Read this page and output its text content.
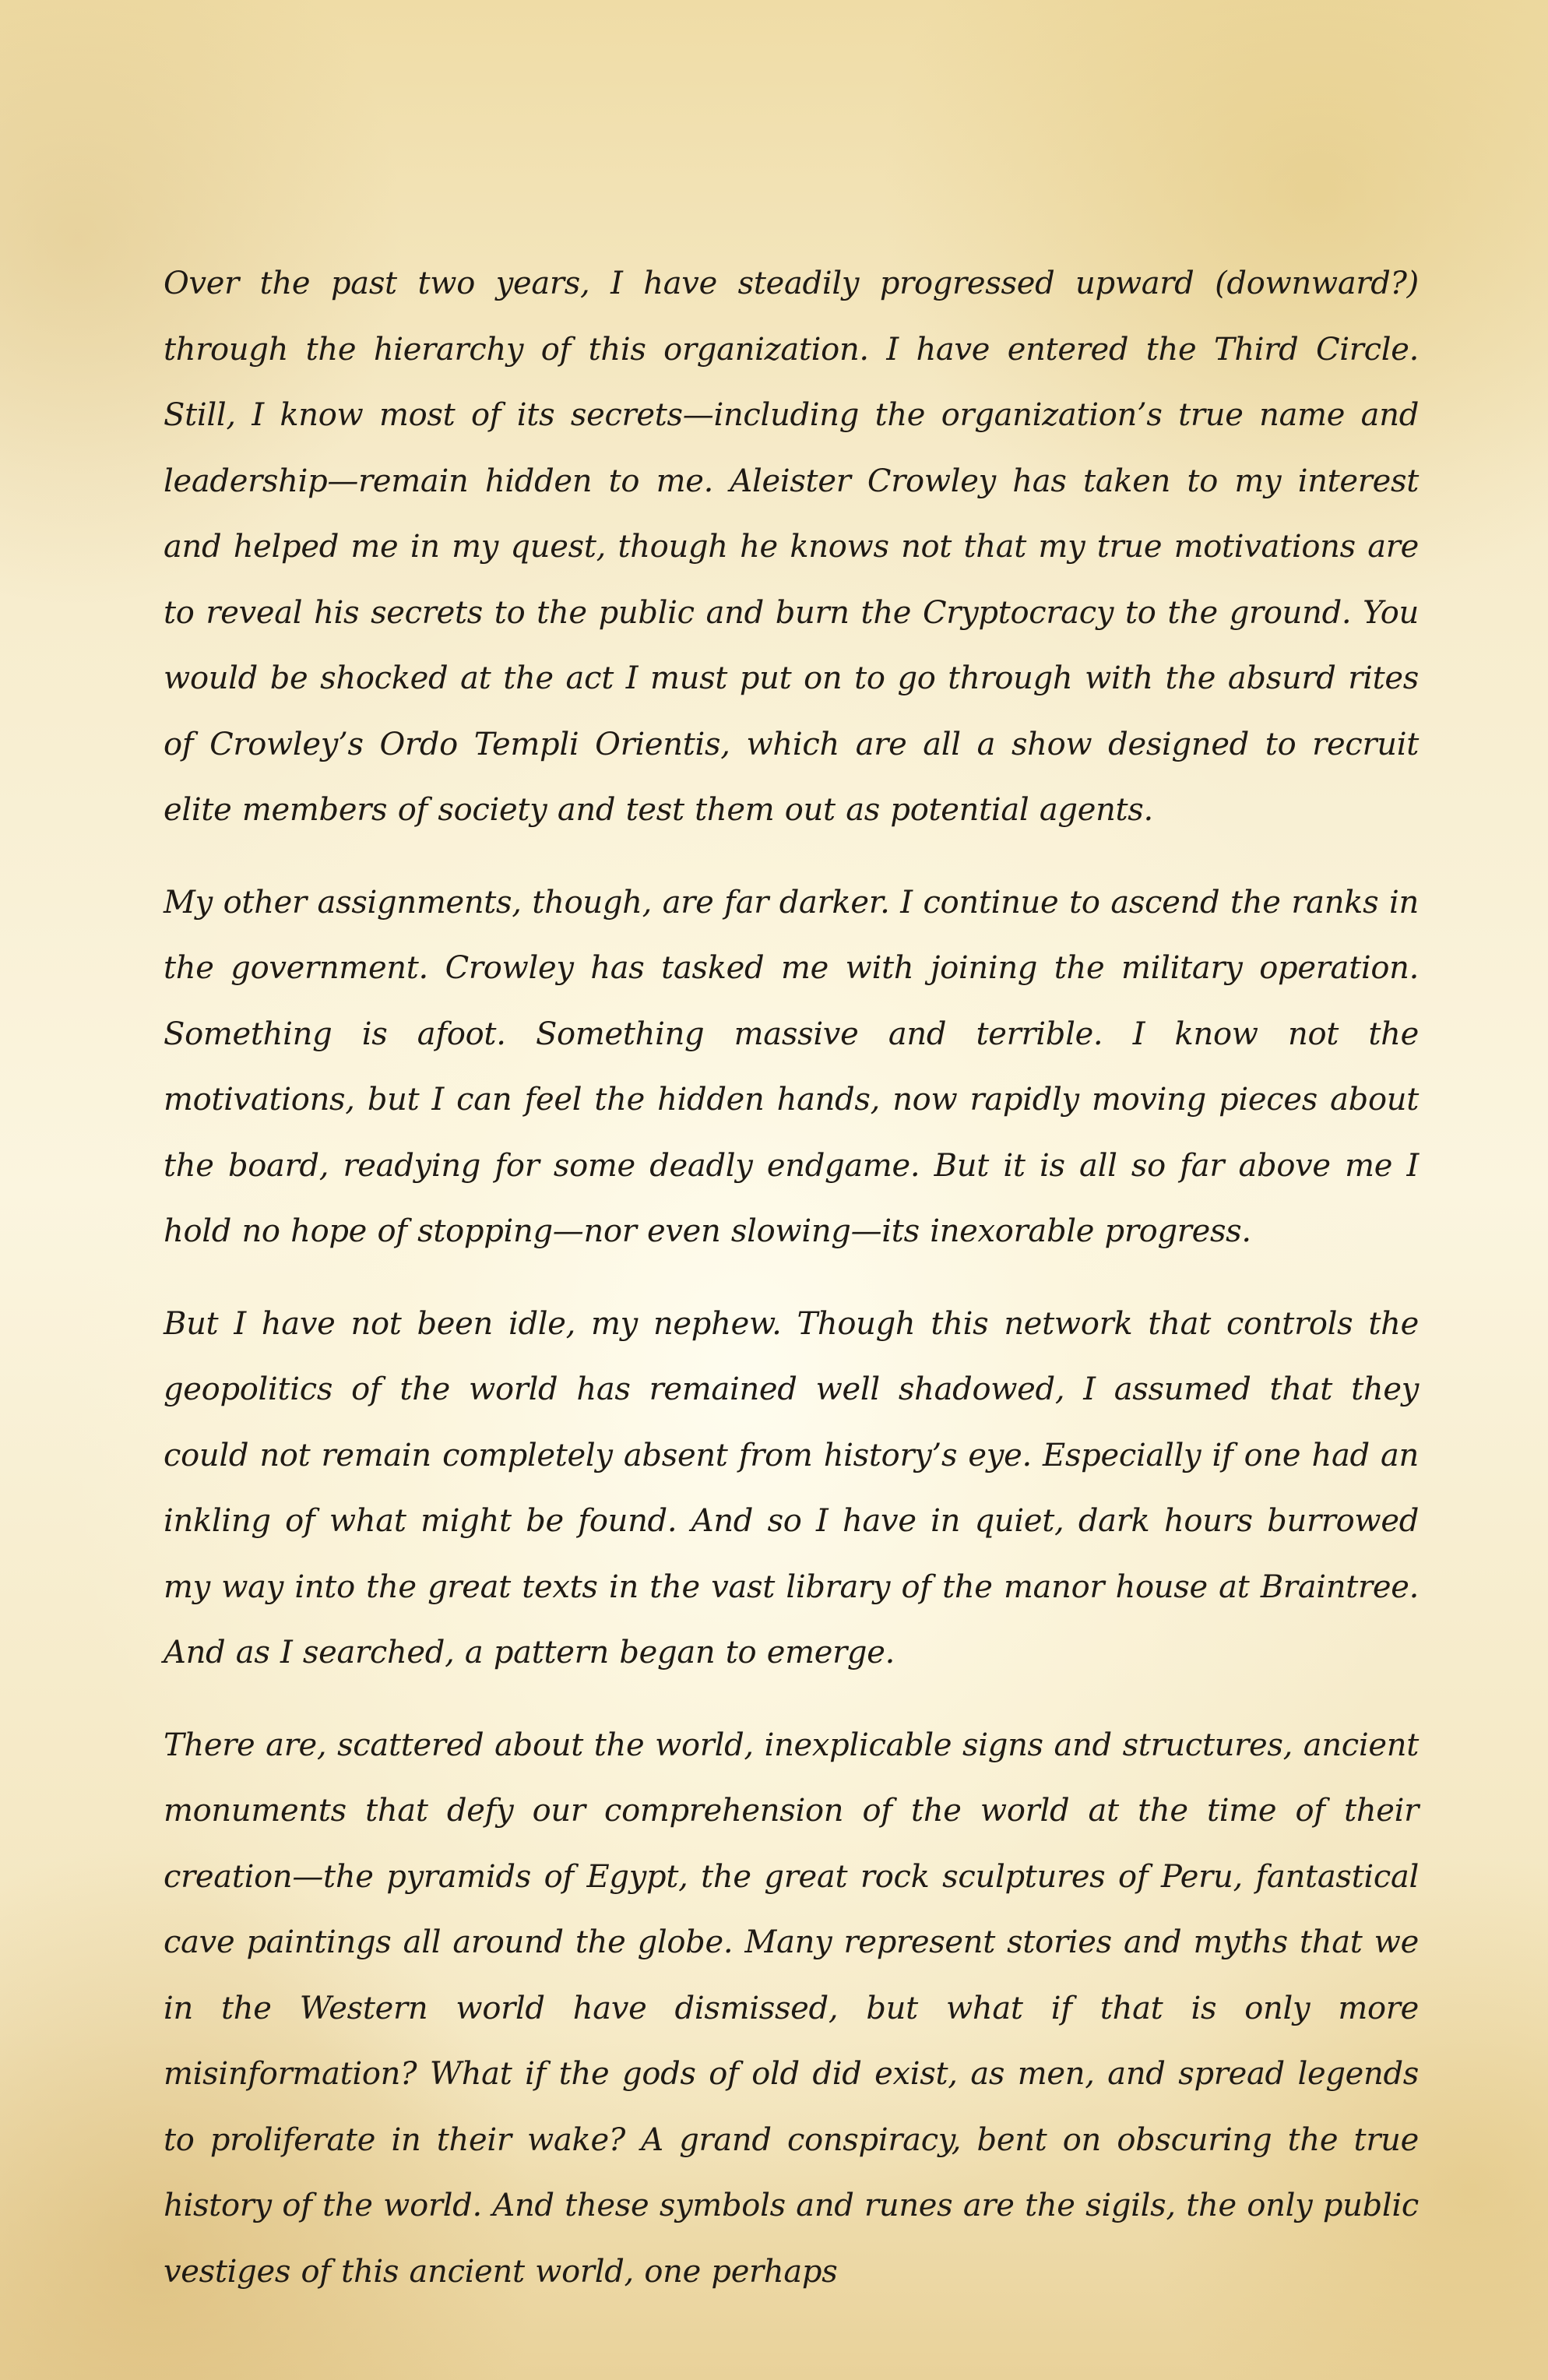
Over the past two years, I have steadily progressed upward (downward?) through the hierarchy of this organization. I have entered the Third Circle. Still, I know most of its secrets—including the organization’s true name and leadership—remain hidden to me. Aleister Crowley has taken to my interest and helped me in my quest, though he knows not that my true motivations are to reveal his secrets to the public and burn the Cryptocracy to the ground. You would be shocked at the act I must put on to go through with the absurd rites of Crowley’s Ordo Templi Orientis, which are all a show designed to recruit elite members of society and test them out as potential agents.

My other assignments, though, are far darker. I continue to ascend the ranks in the government. Crowley has tasked me with joining the military operation. Something is afoot. Something massive and terrible. I know not the motivations, but I can feel the hidden hands, now rapidly moving pieces about the board, readying for some deadly endgame. But it is all so far above me I hold no hope of stopping—nor even slowing—its inexorable progress.

But I have not been idle, my nephew. Though this network that controls the geopolitics of the world has remained well shadowed, I assumed that they could not remain completely absent from history’s eye. Especially if one had an inkling of what might be found. And so I have in quiet, dark hours burrowed my way into the great texts in the vast library of the manor house at Braintree. And as I searched, a pattern began to emerge.

There are, scattered about the world, inexplicable signs and structures, ancient monuments that defy our comprehension of the world at the time of their creation—the pyramids of Egypt, the great rock sculptures of Peru, fantastical cave paintings all around the globe. Many represent stories and myths that we in the Western world have dismissed, but what if that is only more misinformation? What if the gods of old did exist, as men, and spread legends to proliferate in their wake? A grand conspiracy, bent on obscuring the true history of the world. And these symbols and runes are the sigils, the only public vestiges of this ancient world, one perhaps
